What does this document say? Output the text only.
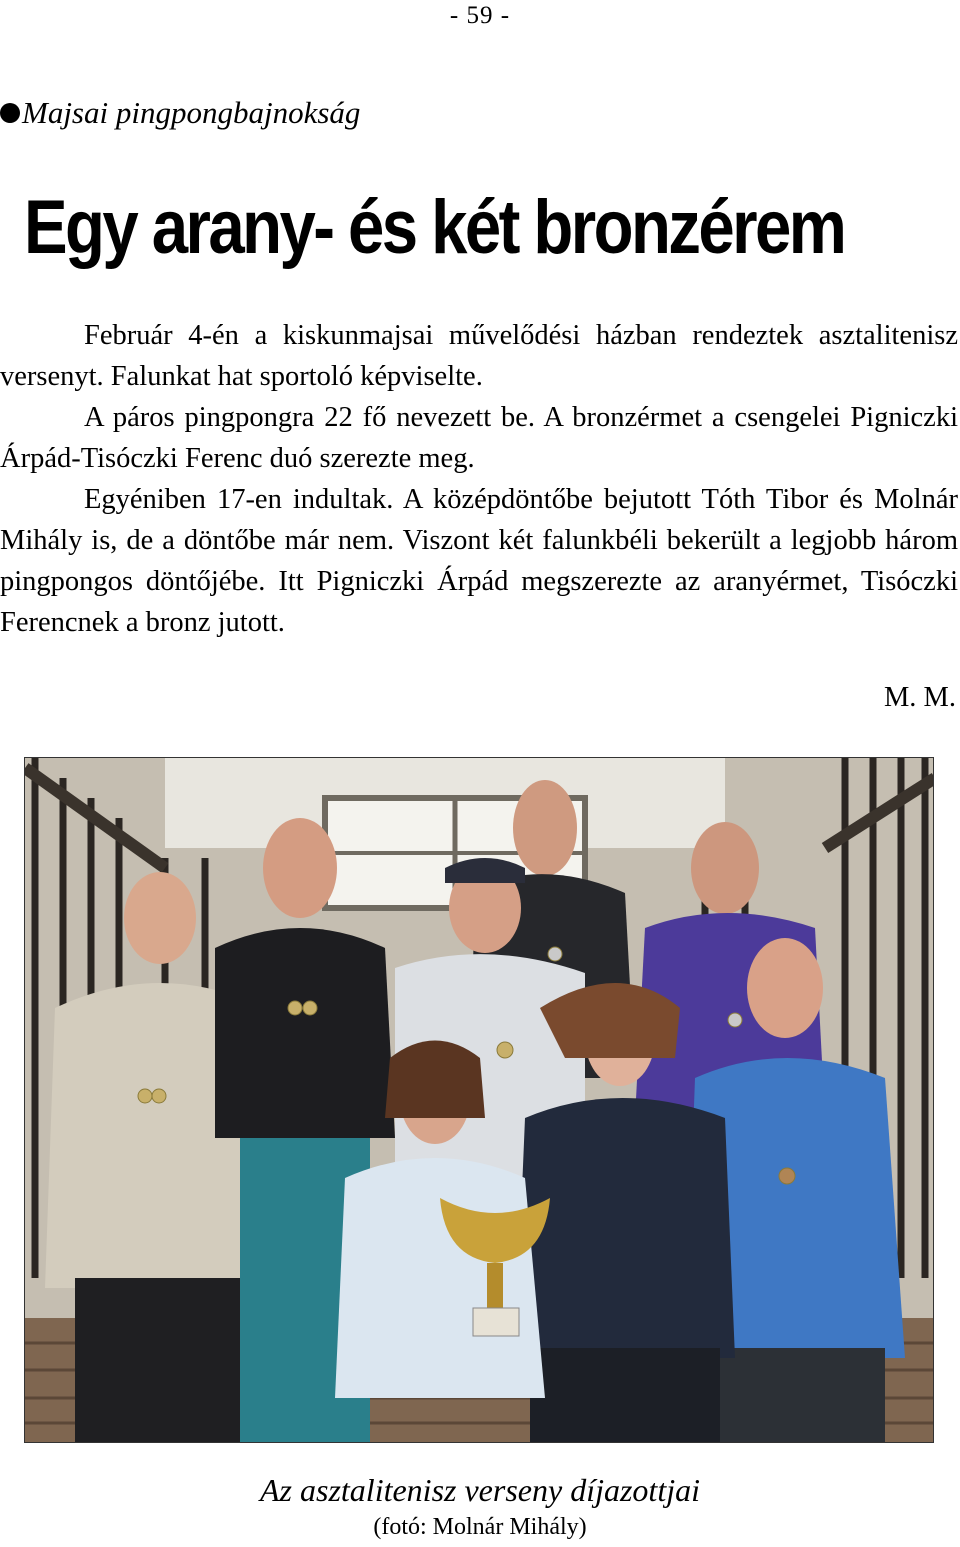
- 59 -
Majsai pingpongbajnokság
Egy arany- és két bronzérem

Február 4-én a kiskunmajsai művelődési házban rendeztek asztalitenisz versenyt. Falunkat hat sportoló képviselte.

A páros pingpongra 22 fő nevezett be. A bronzérmet a csengelei Pigniczki Árpád-Tisóczki Ferenc duó szerezte meg.

Egyéniben 17-en indultak. A középdöntőbe bejutott Tóth Tibor és Molnár Mihály is, de a döntőbe már nem. Viszont két falunkbéli bekerült a legjobb három pingpongos döntőjébe. Itt Pigniczki Árpád megszerezte az aranyérmet, Tisóczki Ferencnek a bronz jutott.

M. M.
Az asztalitenisz verseny díjazottjai
(fotó: Molnár Mihály)
